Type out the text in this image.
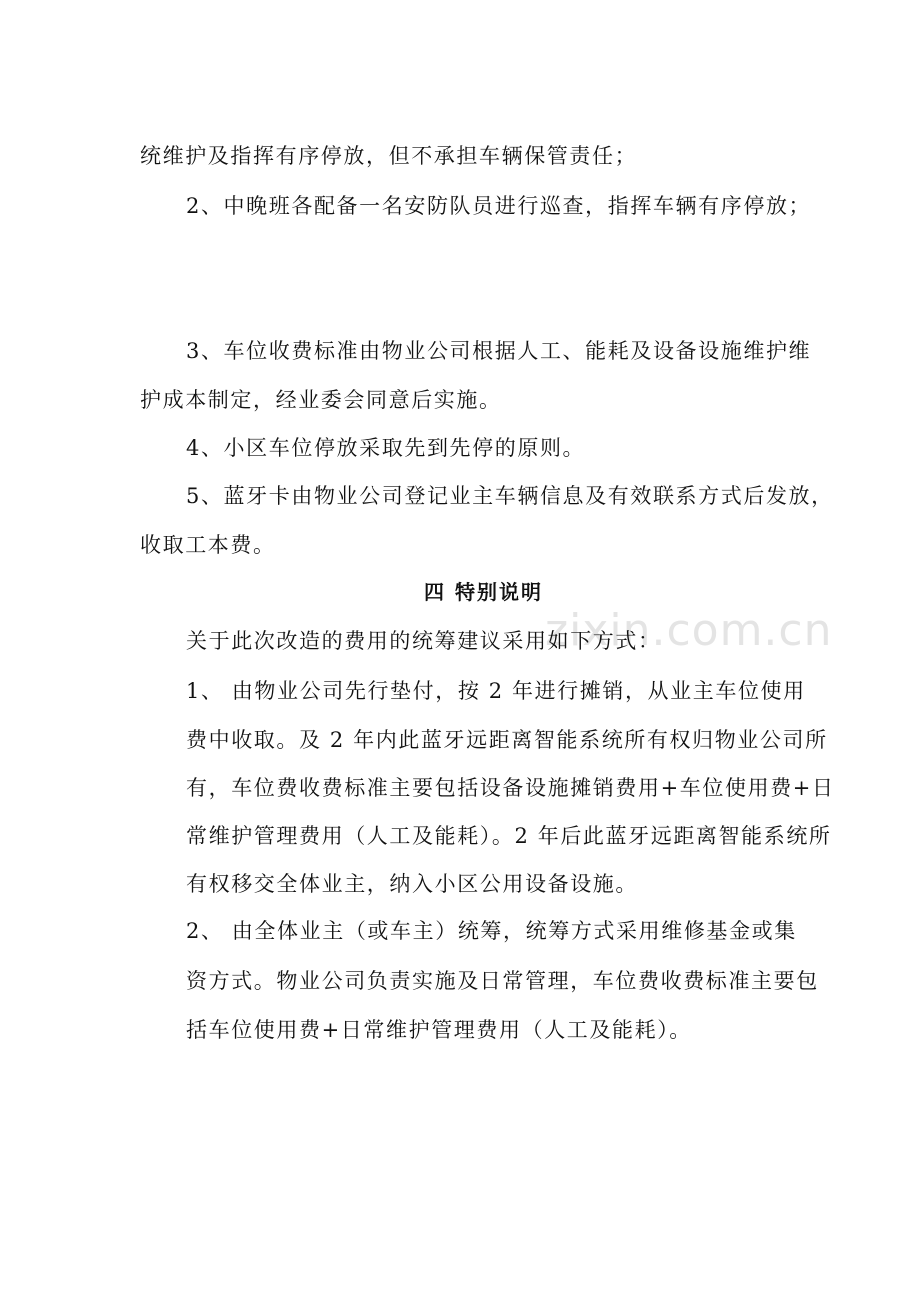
zixin.com.cn
统维护及指挥有序停放，但不承担车辆保管责任；
2、中晚班各配备一名安防队员进行巡查，指挥车辆有序停放；
3、车位收费标准由物业公司根据人工、能耗及设备设施维护维
护成本制定，经业委会同意后实施。
4、小区车位停放采取先到先停的原则。
5、蓝牙卡由物业公司登记业主车辆信息及有效联系方式后发放，
收取工本费。
四 特别说明
关于此次改造的费用的统筹建议采用如下方式：
1、 由物业公司先行垫付，按 2 年进行摊销，从业主车位使用
费中收取。及 2 年内此蓝牙远距离智能系统所有权归物业公司所
有，车位费收费标准主要包括设备设施摊销费用+车位使用费+日
常维护管理费用（人工及能耗）。2 年后此蓝牙远距离智能系统所
有权移交全体业主，纳入小区公用设备设施。
2、 由全体业主（或车主）统筹，统筹方式采用维修基金或集
资方式。物业公司负责实施及日常管理，车位费收费标准主要包
括车位使用费+日常维护管理费用（人工及能耗）。
